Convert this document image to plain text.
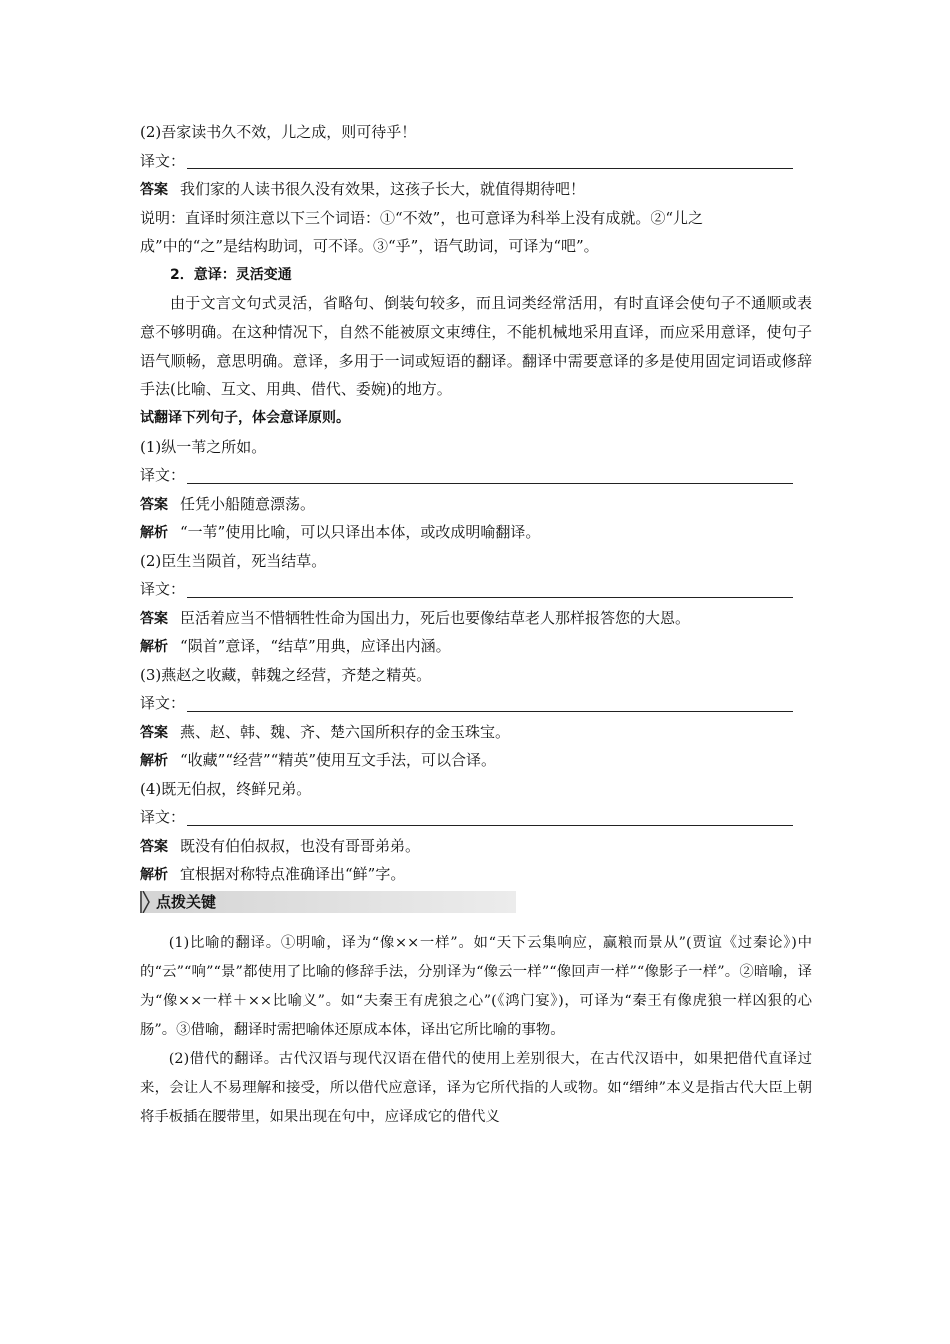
(2)吾家读书久不效，儿之成，则可待乎！
译文：
答案 我们家的人读书很久没有效果，这孩子长大，就值得期待吧！
说明：直译时须注意以下三个词语：①“不效”，也可意译为科举上没有成就。②“儿之
成”中的“之”是结构助词，可不译。③“乎”，语气助词，可译为“吧”。
2．意译：灵活变通
由于文言文句式灵活，省略句、倒装句较多，而且词类经常活用，有时直译会使句子不通顺或表意不够明确。在这种情况下，自然不能被原文束缚住，不能机械地采用直译，而应采用意译，使句子语气顺畅，意思明确。意译，多用于一词或短语的翻译。翻译中需要意译的多是使用固定词语或修辞手法(比喻、互文、用典、借代、委婉)的地方。
试翻译下列句子，体会意译原则。
(1)纵一苇之所如。
译文：
答案 任凭小船随意漂荡。
解析 “一苇”使用比喻，可以只译出本体，或改成明喻翻译。
(2)臣生当陨首，死当结草。
译文：
答案 臣活着应当不惜牺牲性命为国出力，死后也要像结草老人那样报答您的大恩。
解析 “陨首”意译，“结草”用典，应译出内涵。
(3)燕赵之收藏，韩魏之经营，齐楚之精英。
译文：
答案 燕、赵、韩、魏、齐、楚六国所积存的金玉珠宝。
解析 “收藏”“经营”“精英”使用互文手法，可以合译。
(4)既无伯叔，终鲜兄弟。
译文：
答案 既没有伯伯叔叔，也没有哥哥弟弟。
解析 宜根据对称特点准确译出“鲜”字。
点拨关键
(1)比喻的翻译。①明喻，译为“像××一样”。如“天下云集响应，赢粮而景从”(贾谊《过秦论》)中的“云”“响”“景”都使用了比喻的修辞手法，分别译为“像云一样”“像回声一样”“像影子一样”。②暗喻，译为“像××一样＋××比喻义”。如“夫秦王有虎狼之心”(《鸿门宴》)，可译为“秦王有像虎狼一样凶狠的心肠”。③借喻，翻译时需把喻体还原成本体，译出它所比喻的事物。
(2)借代的翻译。古代汉语与现代汉语在借代的使用上差别很大，在古代汉语中，如果把借代直译过来，会让人不易理解和接受，所以借代应意译，译为它所代指的人或物。如“缙绅”本义是指古代大臣上朝将手板插在腰带里，如果出现在句中，应译成它的借代义
